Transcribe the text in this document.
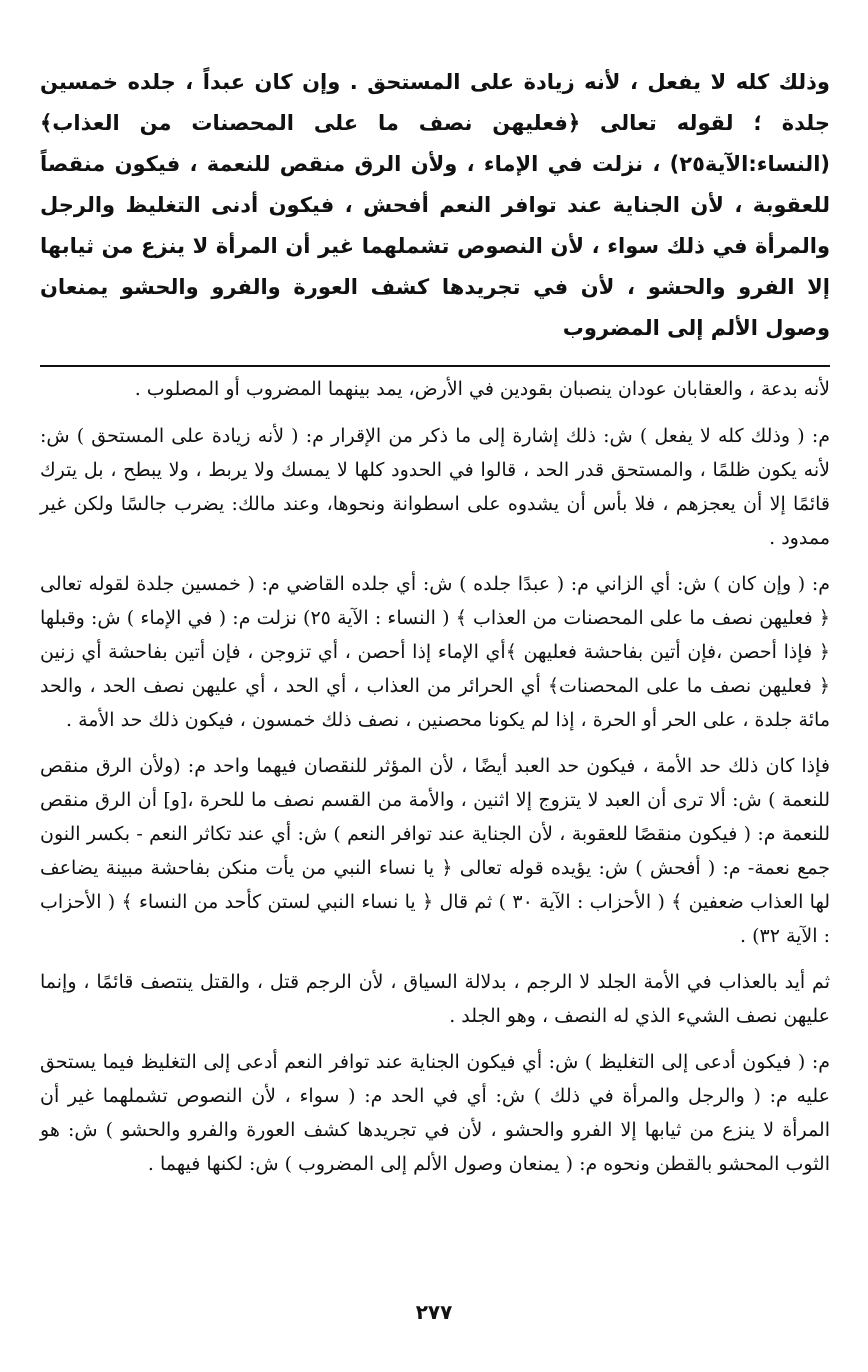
وذلك كله لا يفعل ، لأنه زيادة على المستحق . وإن كان عبداً ، جلده خمسين جلدة ؛ لقوله تعالى ﴿فعليهن نصف ما على المحصنات من العذاب﴾ (النساء:الآية٢٥) ، نزلت في الإماء ، ولأن الرق منقص للنعمة ، فيكون منقصاً للعقوبة ، لأن الجناية عند توافر النعم أفحش ، فيكون أدنى التغليظ والرجل والمرأة في ذلك سواء ، لأن النصوص تشملهما غير أن المرأة لا ينزع من ثيابها إلا الفرو والحشو ، لأن في تجريدها كشف العورة والفرو والحشو يمنعان وصول الألم إلى المضروب

لأنه بدعة ، والعقابان عودان ينصبان بقودين في الأرض، يمد بينهما المضروب أو المصلوب .

م: ( وذلك كله لا يفعل ) ش: ذلك إشارة إلى ما ذكر من الإقرار م: ( لأنه زيادة على المستحق ) ش: لأنه يكون ظلمًا ، والمستحق قدر الحد ، قالوا في الحدود كلها لا يمسك ولا يربط ، ولا يبطح ، بل يترك قائمًا إلا أن يعجزهم ، فلا بأس أن يشدوه على اسطوانة ونحوها، وعند مالك: يضرب جالسًا ولكن غير ممدود .

م: ( وإن كان ) ش: أي الزاني م: ( عبدًا جلده ) ش: أي جلده القاضي م: ( خمسين جلدة لقوله تعالى ﴿ فعليهن نصف ما على المحصنات من العذاب ﴾ ( النساء : الآية ٢٥) نزلت م: ( في الإماء ) ش: وقبلها ﴿ فإذا أحصن ،فإن أتين بفاحشة فعليهن ﴾أي الإماء إذا أحصن ، أي تزوجن ، فإن أتين بفاحشة أي زنين ﴿ فعليهن نصف ما على المحصنات﴾ أي الحرائر من العذاب ، أي الحد ، أي عليهن نصف الحد ، والحد مائة جلدة ، على الحر أو الحرة ، إذا لم يكونا محصنين ، نصف ذلك خمسون ، فيكون ذلك حد الأمة .

فإذا كان ذلك حد الأمة ، فيكون حد العبد أيضًا ، لأن المؤثر للنقصان فيهما واحد م: (ولأن الرق منقص للنعمة ) ش: ألا ترى أن العبد لا يتزوج إلا اثنين ، والأمة من القسم نصف ما للحرة ،[و] أن الرق منقص للنعمة م: ( فيكون منقصًا للعقوبة ، لأن الجناية عند توافر النعم ) ش: أي عند تكاثر النعم - بكسر النون جمع نعمة- م: ( أفحش ) ش: يؤيده قوله تعالى ﴿ يا نساء النبي من يأت منكن بفاحشة مبينة يضاعف لها العذاب ضعفين ﴾ ( الأحزاب : الآية ٣٠ ) ثم قال ﴿ يا نساء النبي لستن كأحد من النساء ﴾ ( الأحزاب : الآية ٣٢) .

ثم أيد بالعذاب في الأمة الجلد لا الرجم ، بدلالة السياق ، لأن الرجم قتل ، والقتل ينتصف قائمًا ، وإنما عليهن نصف الشيء الذي له النصف ، وهو الجلد .

م: ( فيكون أدعى إلى التغليظ ) ش: أي فيكون الجناية عند توافر النعم أدعى إلى التغليظ فيما يستحق عليه م: ( والرجل والمرأة في ذلك ) ش: أي في الحد م: ( سواء ، لأن النصوص تشملهما غير أن المرأة لا ينزع من ثيابها إلا الفرو والحشو ، لأن في تجريدها كشف العورة والفرو والحشو ) ش: هو الثوب المحشو بالقطن ونحوه م: ( يمنعان وصول الألم إلى المضروب ) ش: لكنها فيهما .

٢٧٧
